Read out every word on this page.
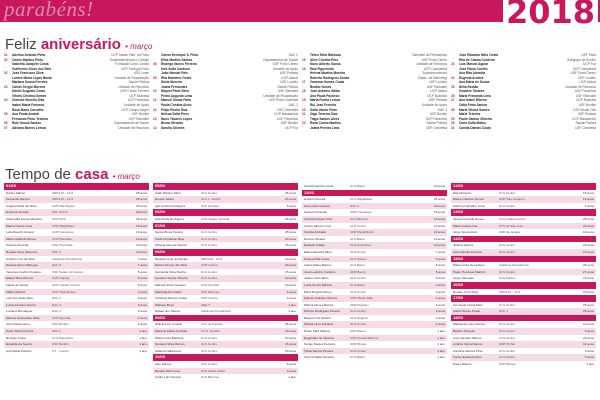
parabéns!	2018
Feliz aniversário • março
01	Adelino António Pinto	UCP Saúde Fam. do Porto
02	Carlos Martins Pinto	Superintendência e Colégio
Gabriela Joaquim Costa	Formação Cond. Linhas
Guilherme Alves dos Reis	UCP Portugal Porto
02	José Francisco Silva	USS Leste
Lurdes Maria Lopes Basto	Unidade de Fiscalização
Mariana Sousa Ferreira	Saúde Pública
03	Carlos Sérgio Moreira	Unidade de Recursos
Daniel Augusto Costa	USF Conde Ferreira
Vitória Cristina Gomes	UCP Boavista
04	Clarisse Moreira Dias	UCP Paranhos
Isabel Maria Fonseca	Unidade de Apoio
Rosa Maria Carvalho	UCP Campo Alegre
05	Ana Paula Amaral	USF Bonfim
Fernando Pinto Teixeira	UCP Ramalde
06	Rute Sousa Santos	Departamento de Saúde
07	Adriana Barros Lemos	Unidade de Recursos
Carlos Henrique S. Pinto	DAC 2
Elisa Martins Santos	Departamento de Saúde
08	Rodrigo Nunes Ferreira	USF Porto Centro
Inês Sofia Cardoso	Unidade de Apoio
João Manuel Reis	USF Prelada
09	Rita Monteiro Costa	UCP Aldoar
Sílvia Moreira	USF Lordelo
Joana Fernandes	Saúde Pública
10	Raquel Pinto Silva	USF Ramalde
Pedro Augusto Lima	Unidade de Fiscalização
11	Manuel Sousa Faria	UCP Porto Ocidental
Paula Cristina Alves	DAC 1
12	Filipe Rocha Dias	USF Cedofeita
Helena Sofia Pires	UCP Massarelos
13	Nuno Tavares Lopes	USF Paranhos
Bruno Mendes	USF Bonfim
14	Sandra Oliveira	UCP Foz
Telmo Melo Barbosa	Gabinete da Presidência
15	Alice Cristina Reis	USF Porto Centro
Nuno Alberto Sousa	Unidade de Recursos
16	Elsa Figueiredo	UCP Campanhã
Helena Martins Moreira	Superintendência
Roberto Rodrigues Souza	Depto. de Marketing
17	Vanessa Gomes Costa	USF Lordelo
Beatriz Nunes	USF Ramalde
18	José António Gaião	UCP Aldoar
Ana Paula Pacheco	UCP Boavista
19	Marta Rocha Lemos	USF Prelada
Rui José Ferreira	Unidade de Apoio
20	Sofia Varela Pinto	DAC 3
21	Olga Teixeira Dias	USF Bonfim
Tiago Santos Alves	UCP Paranhos
22	Rosa Cunha Martins	Saúde Pública
Joana Pereira Lima	USF Cedofeita
José Eduardo Melo Costa	USF Faria
Rita de Cássia Cordeiro	Subgrupo de Ensino
23	Luís Manuel Aguiar	UCP Foz
José Paulo Coelho	UCP Campanhã
Ana Rita Almeida	USF Porto Centro
24	Eugenia Aroeira	USF Lordelo
Ana Maria de Sousa	UCP Aldoar
25	Nélia Romão	Unidade de Recursos
Gustavo Tavares	UCP Paranhos
26	Maria Fernanda Lima	USF Ramalde
27	Ana Isabel Ribeiro	UCP Boavista
Cátia Pinto Santos	USF Bonfim
28	Maria Vitória Soares	USF Monte Cão
Maria Teixeira	USF Prelada
29	Paulo Santos Oliveira	UCP Massarelos
30	Carla Sofia Matos	Saúde Pública
31	Camila Dantas Couto	USF Cedofeita
Tempo de casa • março
01/03
Danilo Sabino	INPULM – ULS	25 anos
Fernando Ramos	INPULM – ULS	25 anos
Angela Maria da Silva	UCP São Roque	25 anos
Emerson Kowali	UPL ULS C	20 anos
Clara Mila Forsar Marinho	UCP Piné	15 anos
Marco Nunes Lima	UCP Magalhães	15 anos
Leila Beatriz Amaral	UCP Campinas	10 anos
Maria Gabriela Nunes	UCP Ramalde	10 anos
Patrícia Almeida	USF Piscinada	10 anos
Renata Alves Guterres	DAC 2	10 anos
Antônio Luiz da Silva	Gabinete Presidência	7 anos
Daniela Alves Nóbrega	DAC 3	7 anos
Vanessa Coelho Pestana	USF Saúde do Campo	5 anos
Eliane Silva Zimmer	UCP Capela	5 anos
Flávia de Souza	UCP Castelo Centro	5 anos
Fábio Oliveira	UCP Tirandentes	3 anos
Luiz Fernando Reis	DAC 1	3 anos
Lucas Ferreira Souza	DAC 4	3 anos
Luciana Montagner	DAC 2	3 anos
Mônica Guimarães Silva	UCP Agrovila	2 anos
Ivani Nascimento	USF Bonfim	2 anos
Paulo Silva Ferreira	DAC 3	1 ano
Rodrigo Costa	ULS Araçatuba	1 ano
Eduarda de Souza	USF Bonfim	1 ano
Ana Maria Patrício	UT – Centro	1 ano
05/03
Adair Ribeiro Silva	ULS Centro	25 anos
Denise Salles	ULS L. Corbis	20 anos
Igor Antônio Pellegrini	ULS Guarani	5 anos
06/03
Ana Paula Rodrigues	UCP Saigon Guarda	25 anos
07/03
Daniel Alves Pereira	ULS Centro	25 anos
Carla Fernanda Silva	ULS Centro	20 anos
Silvana Moreira Santos	ULS Centro	15 anos
08/03
Ricardo Lima de Morais	INPULM – ULS	20 anos
Robert Nunes dos Reis	UCP Centro	20 anos
Fernanda Silva Rocha	ULS Centro	15 anos
Gustavo Souza Oliveira	ULS Centro	10 anos
Marcelo Pinto Guedes	UCP Pombal	10 anos
Mariângela Furtado	USF Minerva	5 anos
Cristiane Ramos Costa	UCP Centro	3 anos
Marcelo Brum	UEE T.	1 ano
Rafael dos Santos	Gabinete Presidência	1 ano
09/03
Aldinéia Ap. Amaral	ULS de Paraíso	25 anos
Marlene Maria Andrade	UT C. Gestão	20 anos
Maria Luiza Barbosa	ULS Centro	20 anos
Gustavo Silva Ramos	ULS Centro	15 anos
Sabrina Nakamura	ULS Centro	10 anos
10/03
Ivan Santos	ULS Centro	5 anos
Renata Melo Lima	ULS Santa Isabel	3 anos
André Luiz Pereira	ULS Minerva	1 ano
Camila Dantas Couto	ULS Bauru	10 anos
11/03
Antônio Pereira	ULS Magalhães	25 anos
Ana Lúcia Campos	DAC 2	20 anos
Samuel Almeida	UDP Campinas	15 anos
Gabriela Matos Cruz	ULS Minerva	15 anos
Carlos Alberto Lima	ULS Centro	10 anos
Camila Andrade	UDP Mandirituba	10 anos
Denise Oliveira	ULS Bauru	10 anos
Danielle Araújo	ULS Guarulhos	10 anos
Eliana Moreira Silva	ULS Centro	7 anos
Helena Rita Costa	ULS Santos	5 anos
Isabel Maria Ramos	ULS Bauru	5 anos
José Leandro Cordeiro	UDP Bauru	5 anos
Juliano Reis Melo	ULS Centro	5 anos
Lúcia Souza Martins	ULS Bauru	3 anos
Mara Regina Nunes	ULS Centro	3 anos
Marcia Andrade Oliveira	UDP Monte Sião	3 anos
Marina Nunes Barros	UDP Registro	3 anos
Mônica Rodrigues Pereira	ULS Centro	2 anos
Raquel Luiz Zanetti	ULS Registro	2 anos
Marisa Lima Cardoso	ULS Centro	2 anos
Paulo Sarti Martins	UDP Bauru	1 ano
Reginaldo de Oliveira	UDP Pereira Barreto	1 ano
Sergio Santos Ferreira	UDP Brotas	1 ano
Tânia Santos Pereira	ULS Centro	1 ano
Tereza Maria Almeida	ULS Bauru	1 ano
12/03
Rita Monteiro	ULS Centro	15 anos
Eliane Cardoso Nunes	UDP São Joaquim	10 anos
Sabrina Carvalho Lima	ULS Centro	5 anos
13/03
Tereza Almeida Nunes	ULS Capitol Centro	25 anos
Maria Costa Lima	ULS de São José	20 anos
Jorge Souza Reis	UDP de Iguape	10 anos
14/03
Juliana Santos	ULS Centro	20 anos
Ana Cláudia Ferreira	ULS Centro	15 anos
15/03
Maria Luiza Gonçalves	Gabinete Presidência	25 anos
Paulo Henrique Martins	ULS Centro	27 anos
Jorge Sampaio	ULS Santos	15 anos
16/03
Renato Lima Silva	INPULM – ULS	20 anos
17/03
Fernando Costa Melo	ULS Centro	25 anos
Isabel Nunes Prado	DAC 1	20 anos
18/03
Wanderson dos Santos	ULS Centro	10 anos
Beatriz Almeida	ULS Centro	5 anos
Ana Carolina Santos	ULS Centro	20 anos
Andréa Vieira Ramos	UDP Pinhal	10 anos
Carolina Santos Pinto	ULS Centro	5 anos
Carlos Eduardo Reis	ULS Centro	5 anos
Paulo Ribeiro	UDP Brotas	1 ano
